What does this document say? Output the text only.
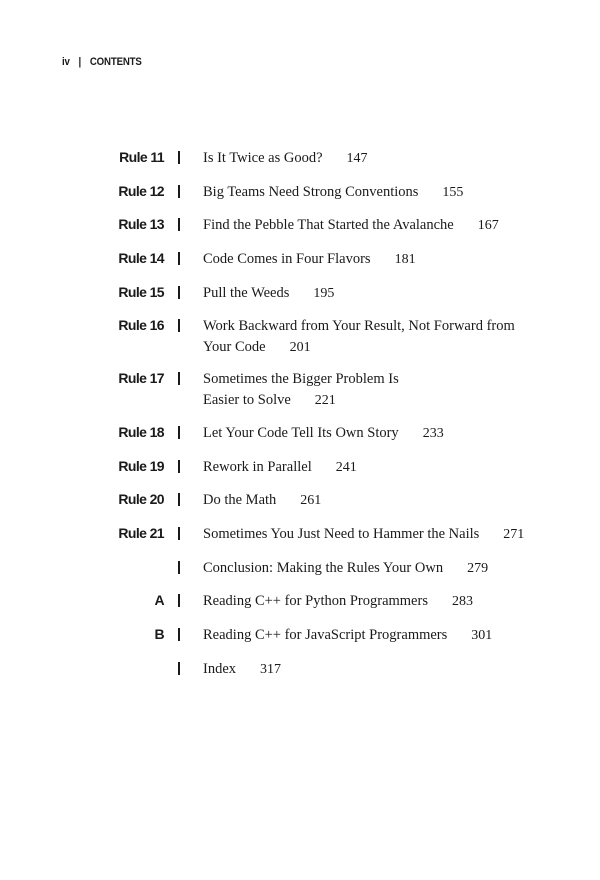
iv | CONTENTS
Rule 11	Is It Twice as Good? 147
Rule 12	Big Teams Need Strong Conventions 155
Rule 13	Find the Pebble That Started the Avalanche 167
Rule 14	Code Comes in Four Flavors 181
Rule 15	Pull the Weeds 195
Rule 16	Work Backward from Your Result, Not Forward from
Your Code 201
Rule 17	Sometimes the Bigger Problem Is
Easier to Solve 221
Rule 18	Let Your Code Tell Its Own Story 233
Rule 19	Rework in Parallel 241
Rule 20	Do the Math 261
Rule 21	Sometimes You Just Need to Hammer the Nails 271
Conclusion: Making the Rules Your Own 279
A	Reading C++ for Python Programmers 283
B	Reading C++ for JavaScript Programmers 301
Index 317
